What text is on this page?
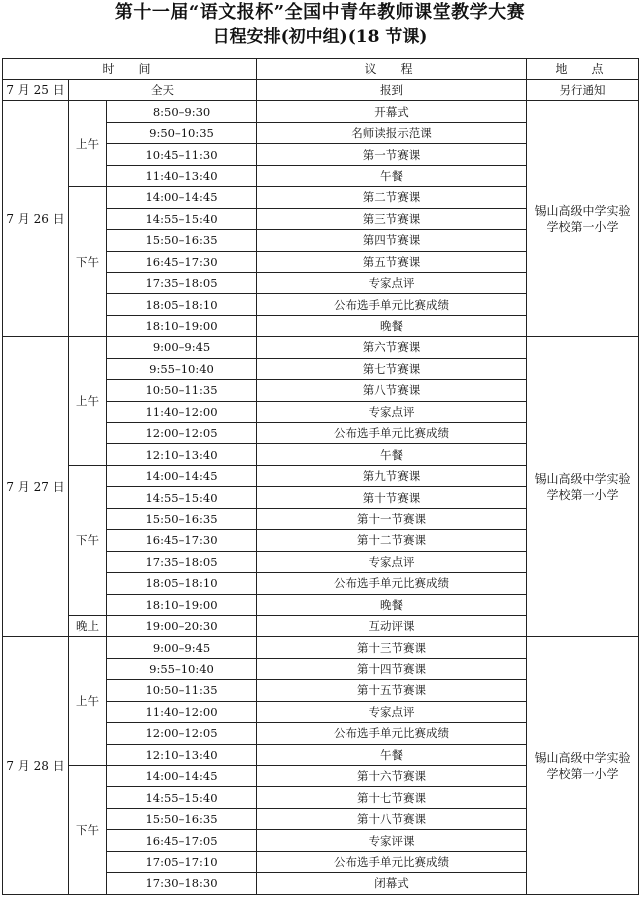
第十一届“语文报杯”全国中青年教师课堂教学大赛
日程安排(初中组)(18 节课)
时　间			议　程	地　点
7 月 25 日	全天		报到	另行通知
7 月 26 日	上午	8:50–9:30	开幕式	锡山高级中学实验学校第一小学
		9:50–10:35	名师读报示范课	
		10:45–11:30	第一节赛课	
		11:40–13:40	午餐	
	下午	14:00–14:45	第二节赛课	
		14:55–15:40	第三节赛课	
		15:50–16:35	第四节赛课	
		16:45–17:30	第五节赛课	
		17:35–18:05	专家点评	
		18:05–18:10	公布选手单元比赛成绩	
		18:10–19:00	晚餐	
7 月 27 日	上午	9:00–9:45	第六节赛课	锡山高级中学实验学校第一小学
		9:55–10:40	第七节赛课	
		10:50–11:35	第八节赛课	
		11:40–12:00	专家点评	
		12:00–12:05	公布选手单元比赛成绩	
		12:10–13:40	午餐	
	下午	14:00–14:45	第九节赛课	
		14:55–15:40	第十节赛课	
		15:50–16:35	第十一节赛课	
		16:45–17:30	第十二节赛课	
		17:35–18:05	专家点评	
		18:05–18:10	公布选手单元比赛成绩	
		18:10–19:00	晚餐	
	晚上	19:00–20:30	互动评课	
7 月 28 日	上午	9:00–9:45	第十三节赛课	锡山高级中学实验学校第一小学
		9:55–10:40	第十四节赛课	
		10:50–11:35	第十五节赛课	
		11:40–12:00	专家点评	
		12:00–12:05	公布选手单元比赛成绩	
		12:10–13:40	午餐	
	下午	14:00–14:45	第十六节赛课	
		14:55–15:40	第十七节赛课	
		15:50–16:35	第十八节赛课	
		16:45–17:05	专家评课	
		17:05–17:10	公布选手单元比赛成绩	
		17:30–18:30	闭幕式	
